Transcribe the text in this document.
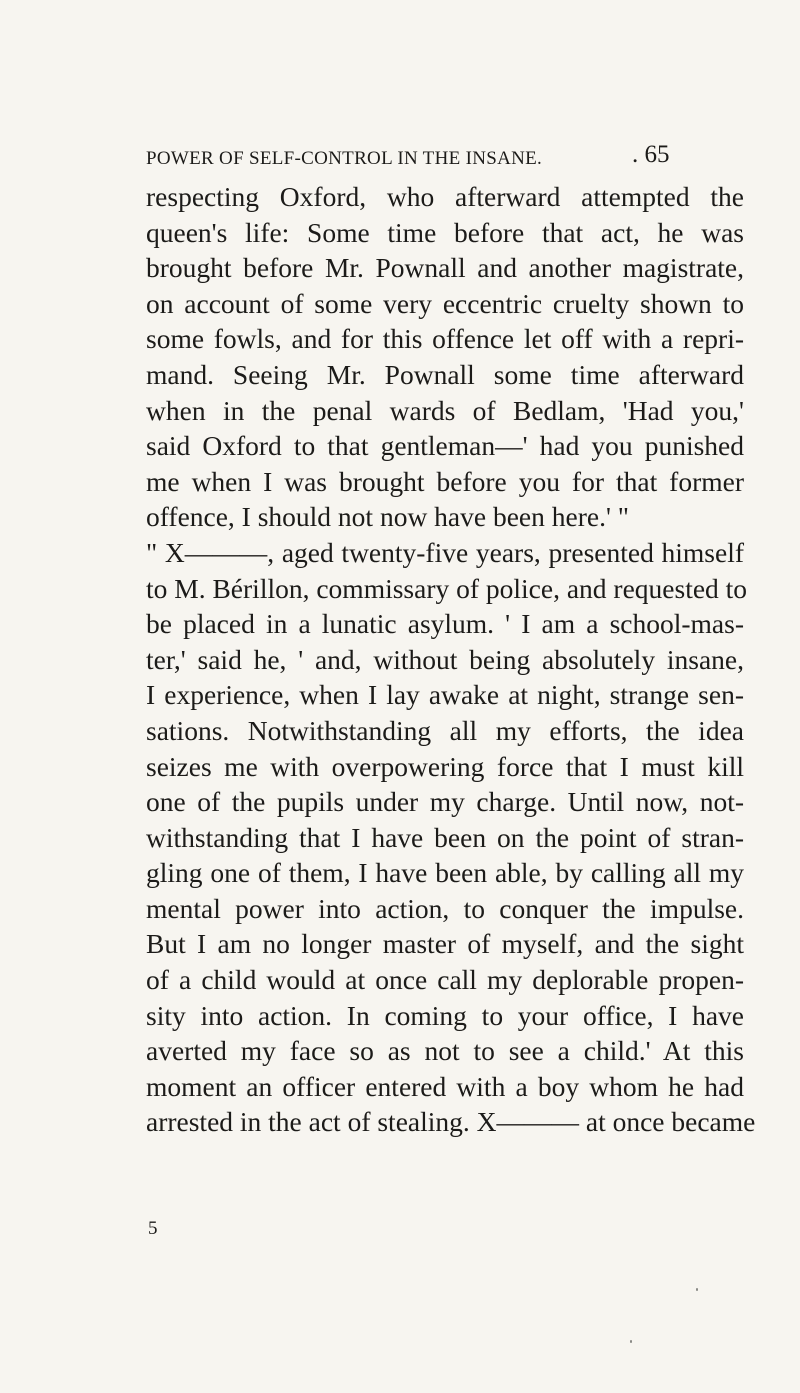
POWER OF SELF-CONTROL IN THE INSANE.	. 65
respecting Oxford, who afterward attempted the
queen's life: Some time before that act, he was
brought before Mr. Pownall and another magistrate,
on account of some very eccentric cruelty shown to
some fowls, and for this offence let off with a repri-
mand. Seeing Mr. Pownall some time afterward
when in the penal wards of Bedlam, 'Had you,'
said Oxford to that gentleman—' had you punished
me when I was brought before you for that former
offence, I should not now have been here.' "
" X———, aged twenty-five years, presented himself
to M. Bérillon, commissary of police, and requested to
be placed in a lunatic asylum. ' I am a school-mas-
ter,' said he, ' and, without being absolutely insane,
I experience, when I lay awake at night, strange sen-
sations. Notwithstanding all my efforts, the idea
seizes me with overpowering force that I must kill
one of the pupils under my charge. Until now, not-
withstanding that I have been on the point of stran-
gling one of them, I have been able, by calling all my
mental power into action, to conquer the impulse.
But I am no longer master of myself, and the sight
of a child would at once call my deplorable propen-
sity into action. In coming to your office, I have
averted my face so as not to see a child.' At this
moment an officer entered with a boy whom he had
arrested in the act of stealing. X——— at once became
5
